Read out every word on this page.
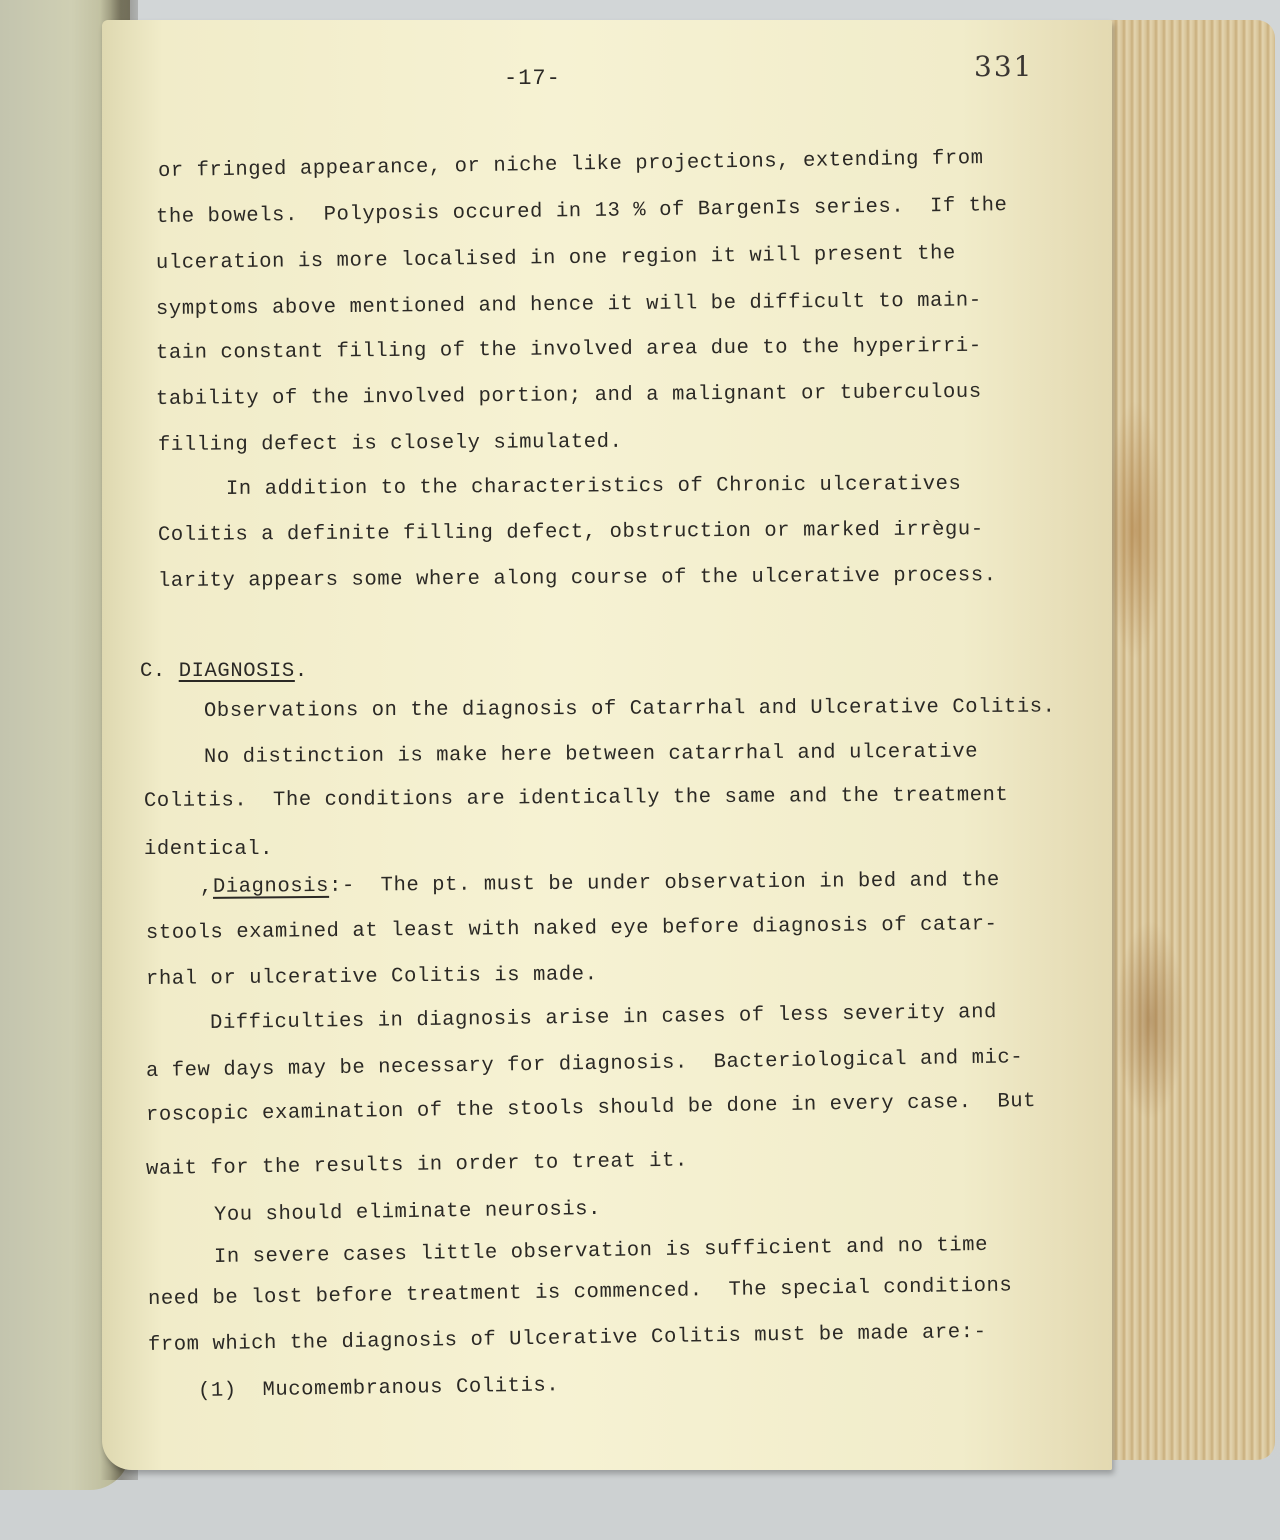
-17-	331
or fringed appearance, or niche like projections, extending from
the bowels.  Polyposis occured in 13 % of BargenIs series.  If the
ulceration is more localised in one region it will present the
symptoms above mentioned and hence it will be difficult to main-
tain constant filling of the involved area due to the hyperirri-
tability of the involved portion; and a malignant or tuberculous
filling defect is closely simulated.
In addition to the characteristics of Chronic ulceratives
Colitis a definite filling defect, obstruction or marked irrègu-
larity appears some where along course of the ulcerative process.
C. DIAGNOSIS.
Observations on the diagnosis of Catarrhal and Ulcerative Colitis.
No distinction is make here between catarrhal and ulcerative
Colitis.  The conditions are identically the same and the treatment
identical.
,Diagnosis:-  The pt. must be under observation in bed and the
stools examined at least with naked eye before diagnosis of catar-
rhal or ulcerative Colitis is made.
Difficulties in diagnosis arise in cases of less severity and
a few days may be necessary for diagnosis.  Bacteriological and mic-
roscopic examination of the stools should be done in every case.  But
wait for the results in order to treat it.
You should eliminate neurosis.
In severe cases little observation is sufficient and no time
need be lost before treatment is commenced.  The special conditions
from which the diagnosis of Ulcerative Colitis must be made are:-
(1)  Mucomembranous Colitis.
